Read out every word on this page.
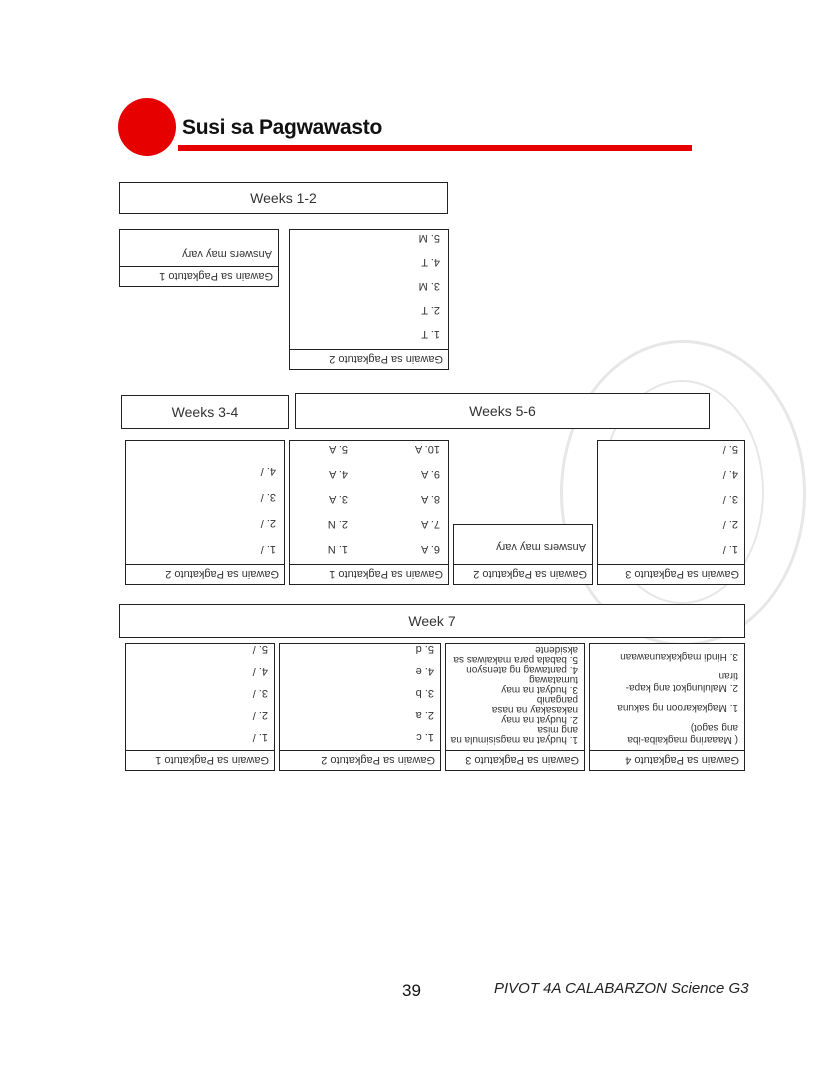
Susi sa Pagwawasto
Weeks 1-2
Gawain sa Pagkatuto 1
Answers may vary
Gawain sa Pagkatuto 2
1. T
2. T
3. M
4. T
5. M
Weeks 3-4	Weeks 5-6
Gawain sa Pagkatuto 2
1. /
2. /
3. /
4. /
Gawain sa Pagkatuto 1
6. A
7. A
8. A
9. A
10. A
1. N
2. N
3. A
4. A
5. A
Gawain sa Pagkatuto 2
Answers may vary
Gawain sa Pagkatuto 3
1. /
2. /
3. /
4. /
5. /
Week 7
Gawain sa Pagkatuto 1
1. /
2. /
3. /
4. /
5. /
Gawain sa Pagkatuto 2
1. c
2. a
3. b
4. e
5. d
Gawain sa Pagkatuto 3
1. hudyat na magsisimula na
ang misa
2. hudyat na may
nakasakay na nasa
panganib
3. hudyat na may
tumatawag
4. pantawag ng atensyon
5. babala para makaiwas sa
aksidente
Gawain sa Pagkatuto 4
( Maaaring magkaiba-iba
ang sagot)
1. Magkakaroon ng sakuna
2. Malulungkot ang kapa-
tiran
3. Hindi magkakaunawaan
39	PIVOT 4A CALABARZON Science G3
